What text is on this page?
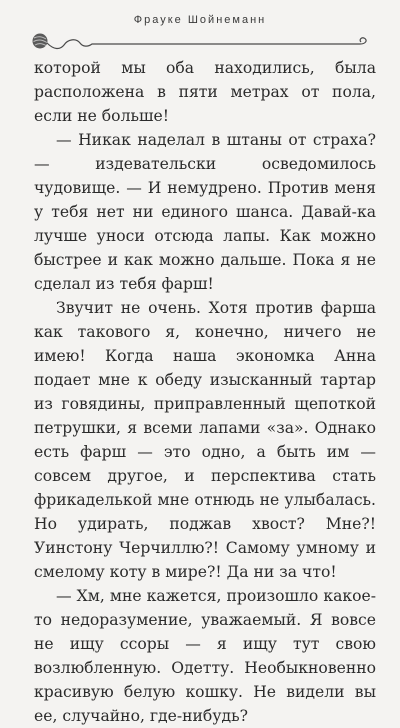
Фрауке Шойнеманн

которой мы оба находились, была расположена в пяти метрах от пола, если не больше!

— Никак наделал в штаны от страха? — издевательски осведомилось чудовище. — И немудрено. Против меня у тебя нет ни единого шанса. Давай-ка лучше уноси отсюда лапы. Как можно быстрее и как можно дальше. Пока я не сделал из тебя фарш!

Звучит не очень. Хотя против фарша как такового я, конечно, ничего не имею! Когда наша экономка Анна подает мне к обеду изысканный тартар из говядины, приправленный щепоткой петрушки, я всеми лапами «за». Однако есть фарш — это одно, а быть им — совсем другое, и перспектива стать фрикаделькой мне отнюдь не улыбалась. Но удирать, поджав хвост? Мне?! Уинстону Черчиллю?! Самому умному и смелому коту в мире?! Да ни за что!

— Хм, мне кажется, произошло какое-то недоразумение, уважаемый. Я вовсе не ищу ссоры — я ищу тут свою возлюбленную. Одетту. Необыкновенно красивую белую кошку. Не видели вы ее, случайно, где-нибудь?
